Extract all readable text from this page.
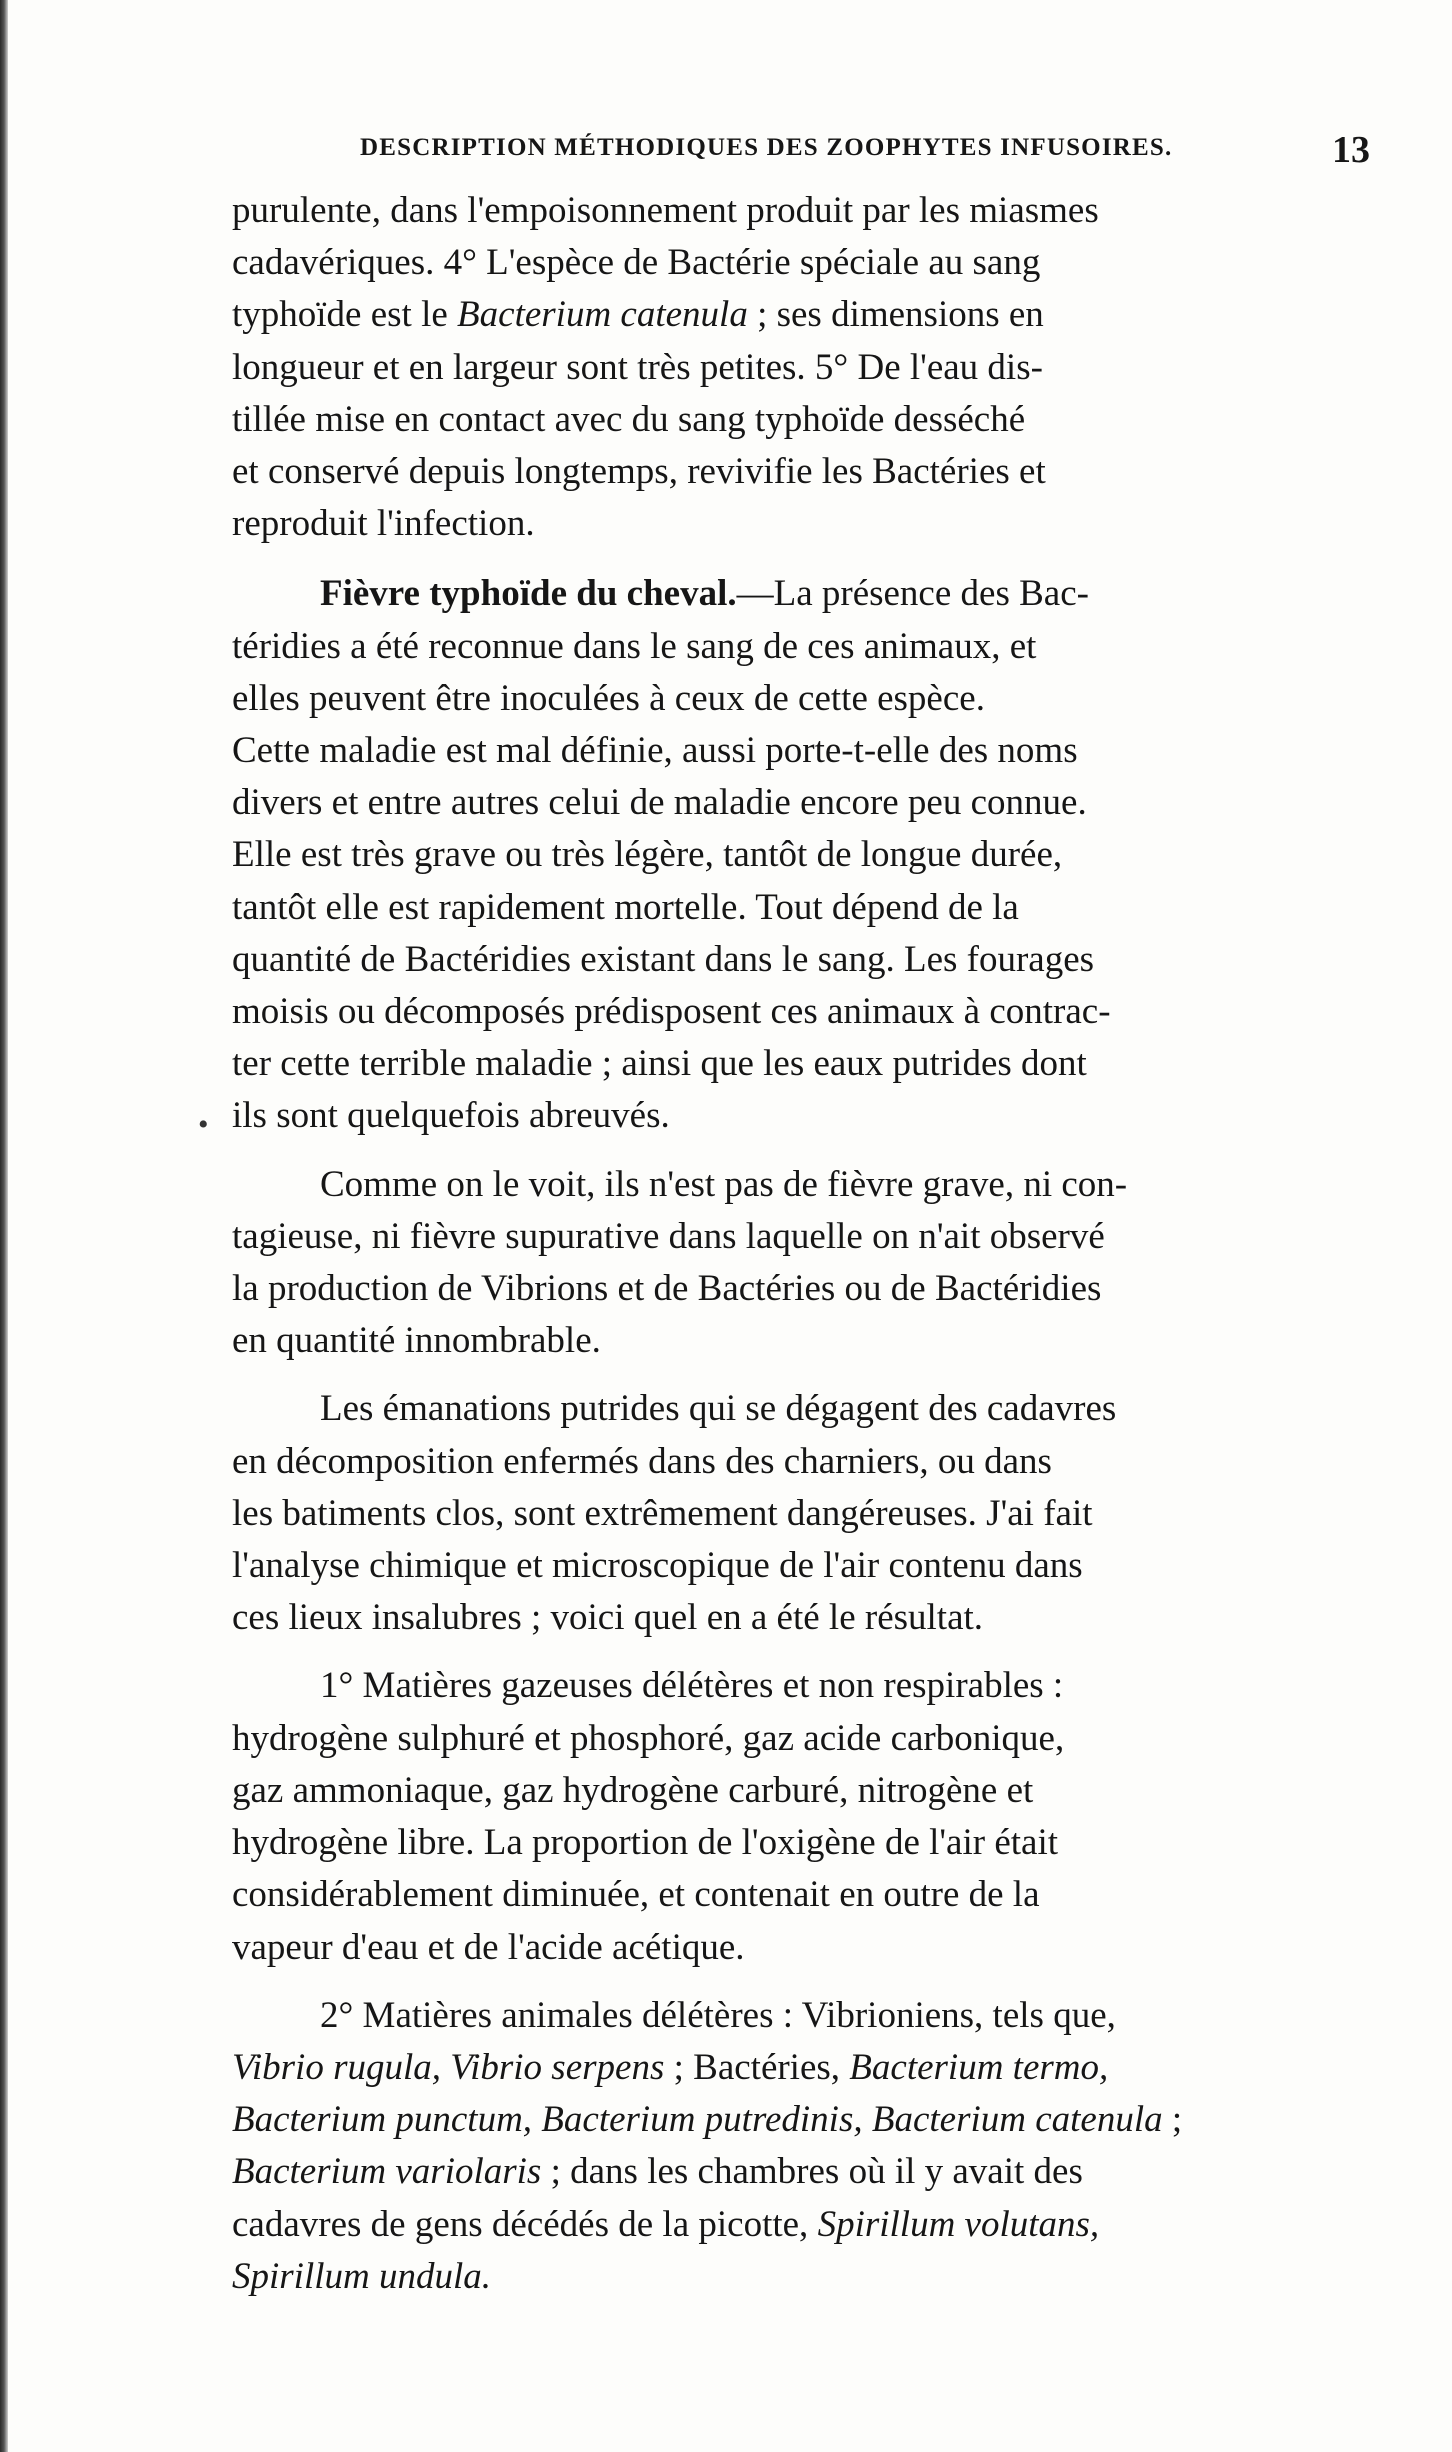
DESCRIPTION MÉTHODIQUES DES ZOOPHYTES INFUSOIRES.	13
•

purulente, dans l'empoisonnement produit par les miasmes
cadavériques. 4° L'espèce de Bactérie spéciale au sang
typhoïde est le Bacterium catenula ; ses dimensions en
longueur et en largeur sont très petites. 5° De l'eau dis-
tillée mise en contact avec du sang typhoïde desséché
et conservé depuis longtemps, revivifie les Bactéries et
reproduit l'infection.

Fièvre typhoïde du cheval.—La présence des Bac-
téridies a été reconnue dans le sang de ces animaux, et
elles peuvent être inoculées à ceux de cette espèce.
Cette maladie est mal définie, aussi porte-t-elle des noms
divers et entre autres celui de maladie encore peu connue.
Elle est très grave ou très légère, tantôt de longue durée,
tantôt elle est rapidement mortelle. Tout dépend de la
quantité de Bactéridies existant dans le sang. Les fourages
moisis ou décomposés prédisposent ces animaux à contrac-
ter cette terrible maladie ; ainsi que les eaux putrides dont
ils sont quelquefois abreuvés.

Comme on le voit, ils n'est pas de fièvre grave, ni con-
tagieuse, ni fièvre supurative dans laquelle on n'ait observé
la production de Vibrions et de Bactéries ou de Bactéridies
en quantité innombrable.

Les émanations putrides qui se dégagent des cadavres
en décomposition enfermés dans des charniers, ou dans
les batiments clos, sont extrêmement dangéreuses. J'ai fait
l'analyse chimique et microscopique de l'air contenu dans
ces lieux insalubres ; voici quel en a été le résultat.

1° Matières gazeuses délétères et non respirables :
hydrogène sulphuré et phosphoré, gaz acide carbonique,
gaz ammoniaque, gaz hydrogène carburé, nitrogène et
hydrogène libre. La proportion de l'oxigène de l'air était
considérablement diminuée, et contenait en outre de la
vapeur d'eau et de l'acide acétique.

2° Matières animales délétères : Vibrioniens, tels que,
Vibrio rugula, Vibrio serpens ; Bactéries, Bacterium termo,
Bacterium punctum, Bacterium putredinis, Bacterium catenula ;
Bacterium variolaris ; dans les chambres où il y avait des
cadavres de gens décédés de la picotte, Spirillum volutans,
Spirillum undula.
